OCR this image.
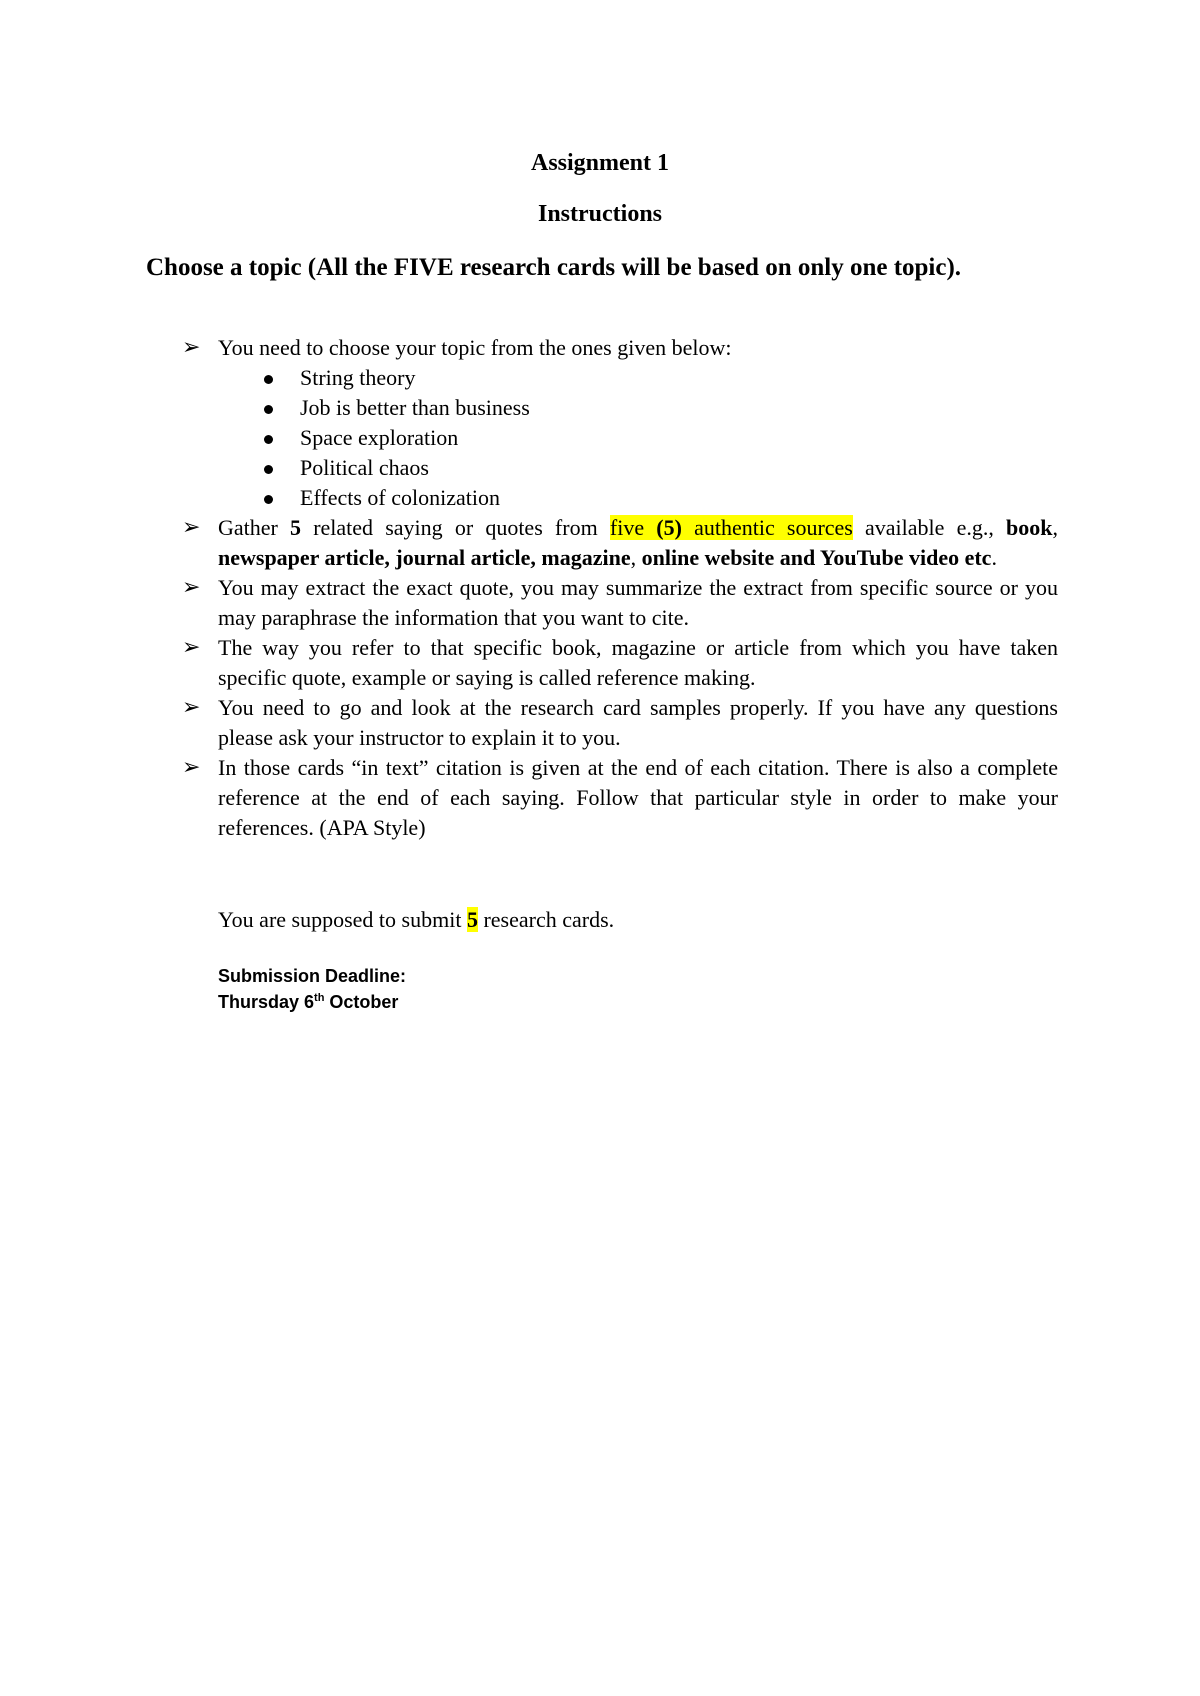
Assignment 1
Instructions
Choose a topic (All the FIVE research cards will be based on only one topic).
➢ You need to choose your topic from the ones given below:
String theory
Job is better than business
Space exploration
Political chaos
Effects of colonization
➢ Gather 5 related saying or quotes from five (5) authentic sources available e.g., book, newspaper article, journal article, magazine, online website and YouTube video etc.
➢ You may extract the exact quote, you may summarize the extract from specific source or you may paraphrase the information that you want to cite.
➢ The way you refer to that specific book, magazine or article from which you have taken specific quote, example or saying is called reference making.
➢ You need to go and look at the research card samples properly. If you have any questions please ask your instructor to explain it to you.
➢ In those cards “in text” citation is given at the end of each citation. There is also a complete reference at the end of each saying. Follow that particular style in order to make your references. (APA Style)
You are supposed to submit 5 research cards.
Submission Deadline:
Thursday 6th October
